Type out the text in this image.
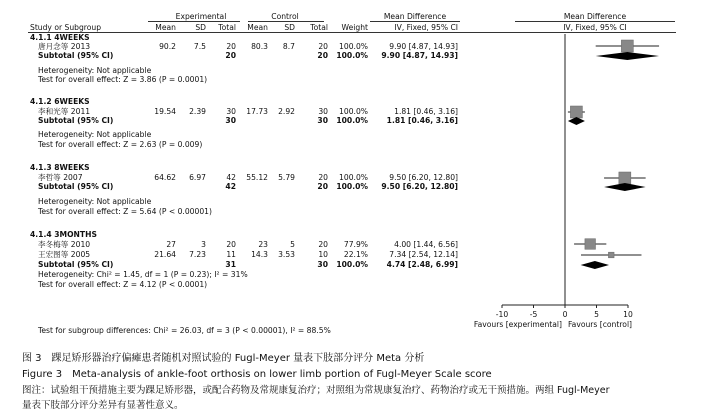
Experimental	Control	Mean Difference	Mean Difference
Study or Subgroup	Mean	SD	Total	Mean	SD	Total	Weight	IV, Fixed, 95% CI	IV, Fixed, 95% CI
4.1.1 4WEEKS
唐月念等 2013	90.2	7.5	20	80.3	8.7	20	100.0%	9.90 [4.87, 14.93]
Subtotal (95% CI)	20	20	100.0%	9.90 [4.87, 14.93]
Heterogeneity: Not applicable
Test for overall effect: Z = 3.86 (P = 0.0001)
4.1.2 6WEEKS
李和光等 2011	19.54	2.39	30	17.73	2.92	30	100.0%	1.81 [0.46, 3.16]
Subtotal (95% CI)	30	30	100.0%	1.81 [0.46, 3.16]
Heterogeneity: Not applicable
Test for overall effect: Z = 2.63 (P = 0.009)
4.1.3 8WEEKS
李哲等 2007	64.62	6.97	42	55.12	5.79	20	100.0%	9.50 [6.20, 12.80]
Subtotal (95% CI)	42	20	100.0%	9.50 [6.20, 12.80]
Heterogeneity: Not applicable
Test for overall effect: Z = 5.64 (P < 0.00001)
4.1.4 3MONTHS
李冬梅等 2010	27	3	20	23	5	20	77.9%	4.00 [1.44, 6.56]
王宏图等 2005	21.64	7.23	11	14.3	3.53	10	22.1%	7.34 [2.54, 12.14]
Subtotal (95% CI)	31	30	100.0%	4.74 [2.48, 6.99]
Heterogeneity: Chi² = 1.45, df = 1 (P = 0.23); I² = 31%
Test for overall effect: Z = 4.12 (P < 0.0001)
Test for subgroup differences: Chi² = 26.03, df = 3 (P < 0.00001), I² = 88.5%
-10	-5	0	5	10
Favours [experimental] Favours [control]
图 3　踝足矫形器治疗偏瘫患者随机对照试验的 Fugl-Meyer 量表下肢部分评分 Meta 分析
Figure 3　Meta-analysis of ankle-foot orthosis on lower limb portion of Fugl-Meyer Scale score
图注：试验组干预措施主要为踝足矫形器，或配合药物及常规康复治疗；对照组为常规康复治疗、药物治疗或无干预措施。两组 Fugl-Meyer
量表下肢部分评分差异有显著性意义。
